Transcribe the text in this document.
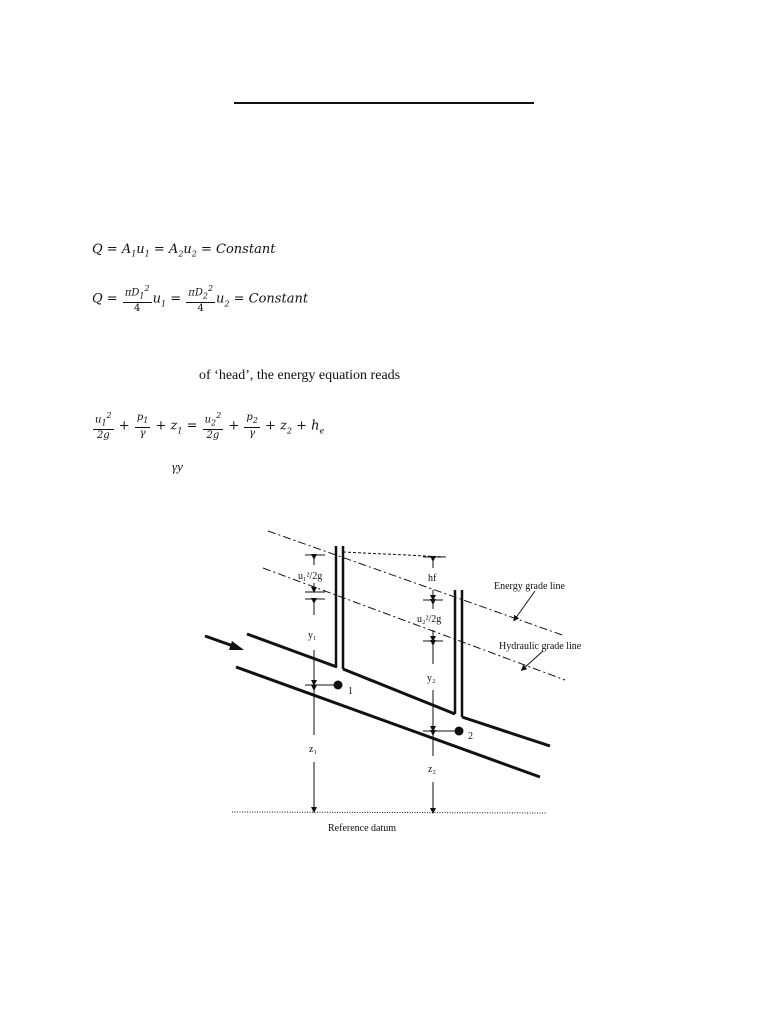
$Q = A_1u_1 = A_2u_2$ = Constant
$Q = \frac{\pi D_1^2}{4} u_1 = \frac{\pi D_2^2}{4} u_2$ = Constant
of ‘head’, the energy equation reads
$\frac{u_1^2}{2g} + \frac{p_1}{\gamma} + z_1 = \frac{u_2^2}{2g} + \frac{p_2}{\gamma} + z_2 + h_e$
γy
u₁²/2g	hf
u₂²/2g
y₁
y₂
z₁
z₂
1
2
Energy grade line
Hydraulic grade line
Reference datum
